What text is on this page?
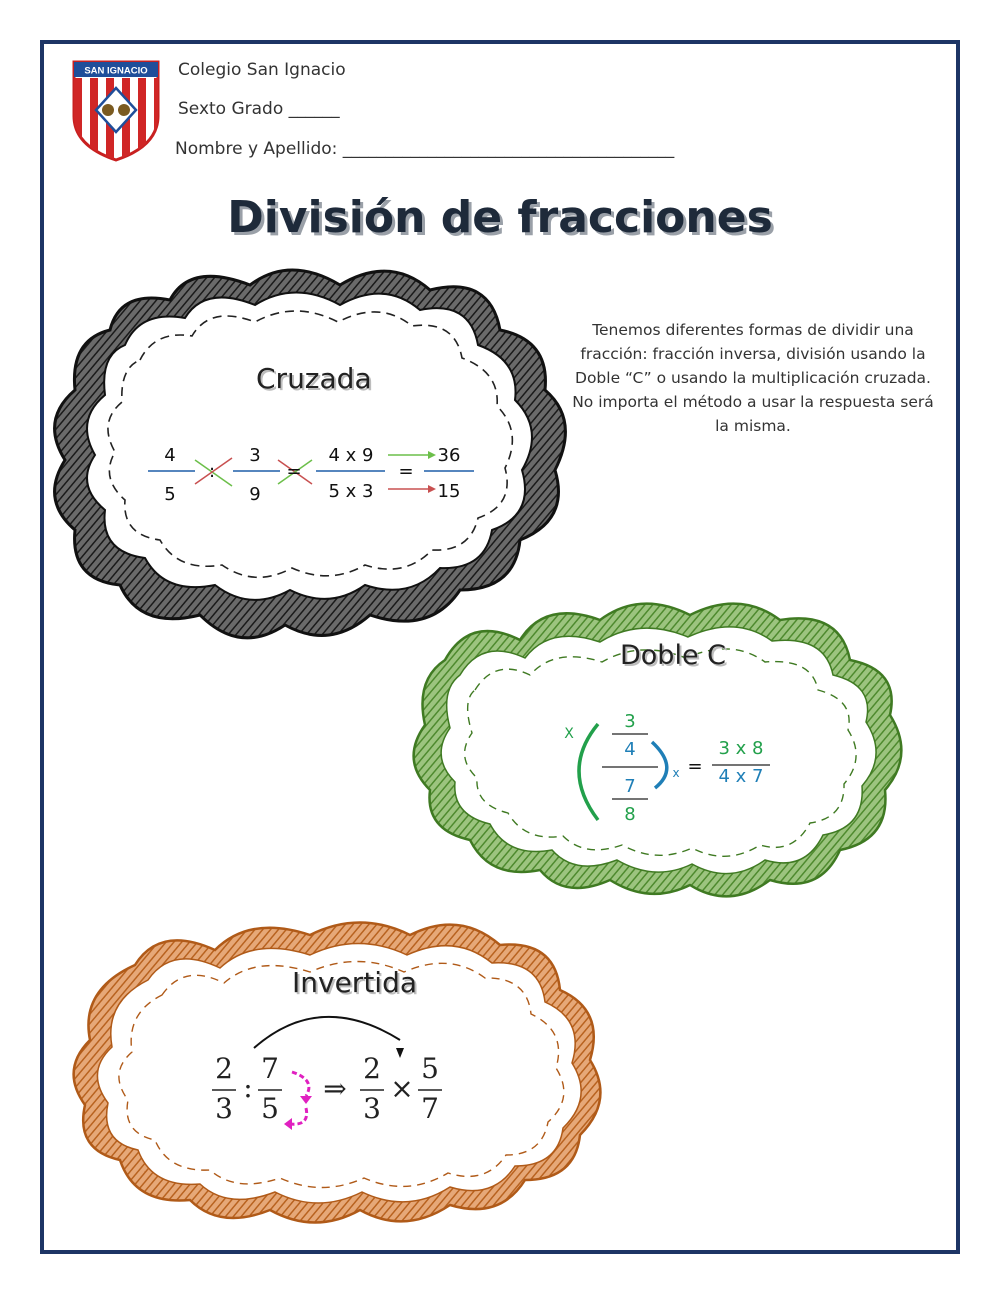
SAN IGNACIO Colegio San Ignacio
Sexto Grado ______
Nombre y Apellido: _______________________________________
División de fracciones
Tenemos diferentes formas de dividir una fracción: fracción inversa, división usando la Doble “C” o usando la multiplicación cruzada. No importa el método a usar la respuesta será la misma.
Cruzada
4
5
:
3
9
=
4 x 9
5 x 3
=
36
15
Doble C
X
x
3
4
7
8
=
3 x 8
4 x 7
Invertida
2
3
:
7
5
⇒
2
3
×
5
7
